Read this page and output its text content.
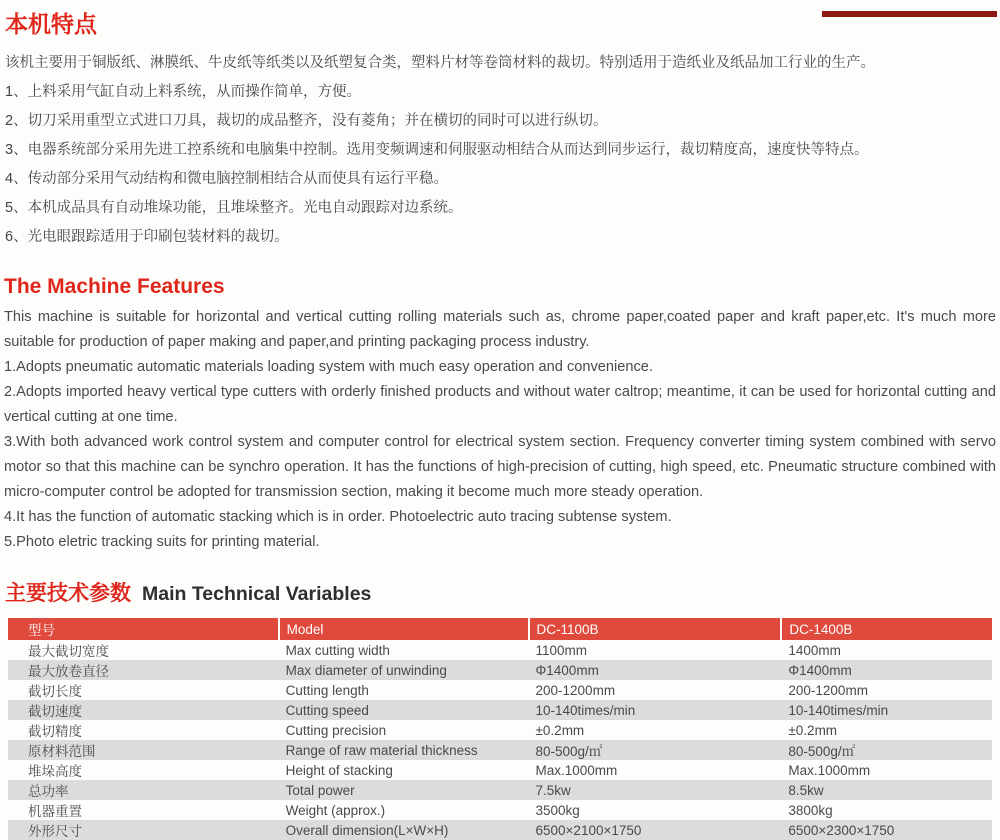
本机特点

该机主要用于铜版纸、淋膜纸、牛皮纸等纸类以及纸塑复合类，塑料片材等卷筒材料的裁切。特别适用于造纸业及纸品加工行业的生产。

1、上料采用气缸自动上料系统，从而操作简单，方便。

2、切刀采用重型立式进口刀具，裁切的成品整齐，没有菱角；并在横切的同时可以进行纵切。

3、电器系统部分采用先进工控系统和电脑集中控制。选用变频调速和伺服驱动相结合从而达到同步运行，裁切精度高，速度快等特点。

4、传动部分采用气动结构和微电脑控制相结合从而使具有运行平稳。

5、本机成品具有自动堆垛功能，且堆垛整齐。光电自动跟踪对边系统。

6、光电眼跟踪适用于印刷包装材料的裁切。

The Machine Features

This machine is suitable for horizontal and vertical cutting rolling materials such as, chrome paper,coated paper and kraft paper,etc. It's much more suitable for production of paper making and paper,and printing packaging process industry.

1.Adopts pneumatic automatic materials loading system with much easy operation and convenience.

2.Adopts imported heavy vertical type cutters with orderly finished products and without water caltrop; meantime, it can be used for horizontal cutting and vertical cutting at one time.

3.With both advanced work control system and computer control for electrical system section. Frequency converter timing system combined with servo motor so that this machine can be synchro operation. It has the functions of high-precision of cutting, high speed, etc. Pneumatic structure combined with micro-computer control be adopted for transmission section, making it become much more steady operation.

4.It has the function of automatic stacking which is in order. Photoelectric auto tracing subtense system.

5.Photo eletric tracking suits for printing material.

主要技术参数 Main Technical Variables
型号	Model	DC-1100B	DC-1400B
最大截切宽度	Max cutting width	1100mm	1400mm
最大放卷直径	Max diameter of unwinding	Φ1400mm	Φ1400mm
截切长度	Cutting length	200-1200mm	200-1200mm
截切速度	Cutting speed	10-140times/min	10-140times/min
截切精度	Cutting precision	±0.2mm	±0.2mm
原材料范围	Range of raw material thickness	80-500g/㎡	80-500g/㎡
堆垛高度	Height of stacking	Max.1000mm	Max.1000mm
总功率	Total power	7.5kw	8.5kw
机器重置	Weight (approx.)	3500kg	3800kg
外形尺寸	Overall dimension(L×W×H)	6500×2100×1750	6500×2300×1750
